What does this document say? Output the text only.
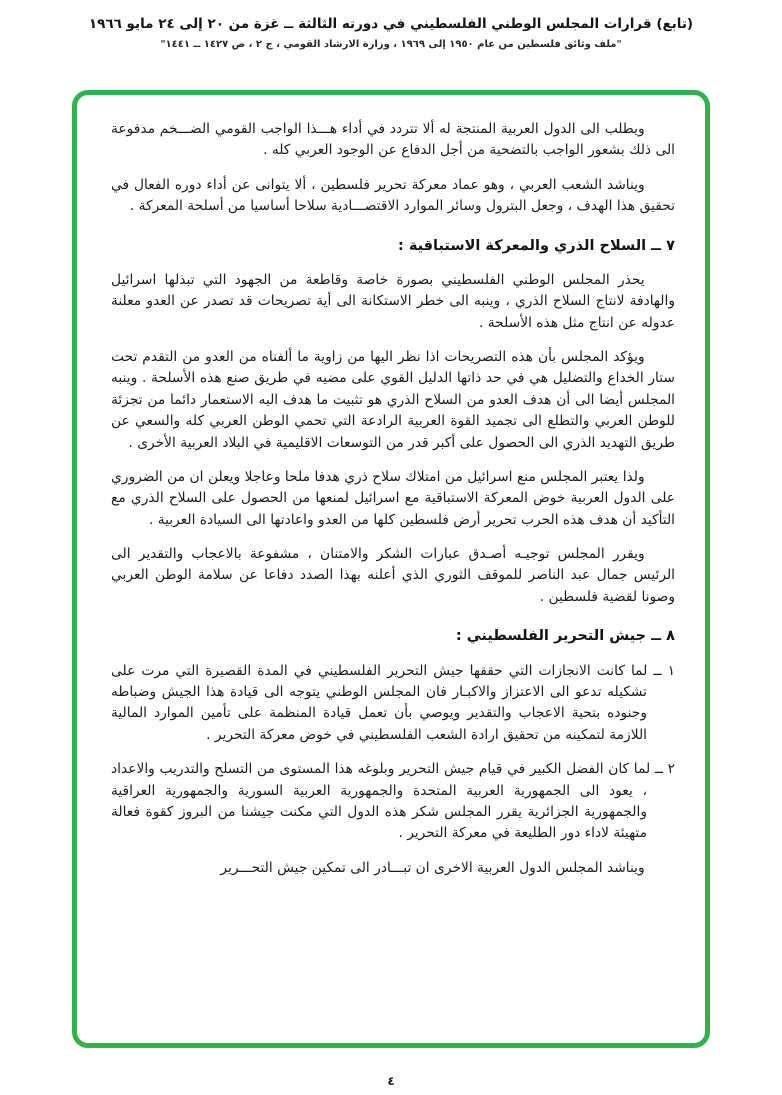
(تابع) قرارات المجلس الوطني الفلسطيني في دورته الثالثة ــ غزة من ٢٠ إلى ٢٤ مايو ١٩٦٦
"ملف وثائق فلسطين من عام ١٩٥٠ إلى ١٩٦٩ ، وزارة الارشاد القومي ، ج ٢ ، ص ١٤٢٧ ــ ١٤٤١"

ويطلب الى الدول العربية المنتجة له ألا تتردد في أداء هـــذا الواجب القومي الضـــخم مدفوعة الى ذلك بشعور الواجب بالتضحية من أجل الدفاع عن الوجود العربي كله .

ويناشد الشعب العربي ، وهو عماد معركة تحرير فلسطين ، ألا يتوانى عن أداء دوره الفعال في تحقيق هذا الهدف ، وجعل البترول وسائر الموارد الاقتصـــادية سلاحا أساسيا من أسلحة المعركة .

٧ ــ السلاح الذري والمعركة الاستباقية :

يحذر المجلس الوطني الفلسطيني بصورة خاصة وقاطعة من الجهود التي تبذلها اسرائيل والهادفة لانتاج السلاح الذري ، وينبه الى خطر الاستكانة الى أية تصريحات قد تصدر عن العدو معلنة عدوله عن انتاج مثل هذه الأسلحة .

ويؤكد المجلس بأن هذه التصريحات اذا نظر اليها من زاوية ما ألفناه من العدو من التقدم تحت ستار الخداع والتضليل هي في حد ذاتها الدليل القوي على مضيه في طريق صنع هذه الأسلحة . وينبه المجلس أيضا الى أن هدف العدو من السلاح الذري هو تثبيت ما هدف اليه الاستعمار دائما من تجزئة للوطن العربي والتطلع الى تجميد القوة العربية الرادعة التي تحمي الوطن العربي كله والسعي عن طريق التهديد الذري الى الحصول على أكبر قدر من التوسعات الاقليمية في البلاد العربية الأخرى .

ولذا يعتبر المجلس منع اسرائيل من امتلاك سلاح ذري هدفا ملحا وعاجلا ويعلن ان من الضروري على الدول العربية خوض المعركة الاستباقية مع اسرائيل لمنعها من الحصول على السلاح الذري مع التأكيد أن هدف هذه الحرب تحرير أرض فلسطين كلها من العدو واعادتها الى السيادة العربية .

ويقرر المجلس توجيـه أصـدق عبارات الشكر والامتنان ، مشفوعة بالاعجاب والتقدير الى الرئيس جمال عبد الناصر للموقف الثوري الذي أعلنه بهذا الصدد دفاعا عن سلامة الوطن العربي وصونا لقضية فلسطين .

٨ ــ جيش التحرير الفلسطيني :

١ ــ لما كانت الانجازات التي حققها جيش التحرير الفلسطيني في المدة القصيرة التي مرت على تشكيله تدعو الى الاعتزاز والاكبـار فان المجلس الوطني يتوجه الى قيادة هذا الجيش وضباطه وجنوده بتحية الاعجاب والتقدير ويوصي بأن تعمل قيادة المنظمة على تأمين الموارد المالية اللازمة لتمكينه من تحقيق ارادة الشعب الفلسطيني في خوض معركة التحرير .

٢ ــ لما كان الفضل الكبير في قيام جيش التحرير وبلوغه هذا المستوى من التسلح والتدريب والاعداد ، يعود الى الجمهورية العربية المتحدة والجمهورية العربية السورية والجمهورية العراقية والجمهورية الجزائرية يقرر المجلس شكر هذه الدول التي مكنت جيشنا من البروز كقوة فعالة متهيئة لاداء دور الطليعة في معركة التحرير .

ويناشد المجلس الدول العربية الاخرى ان تبـــادر الى تمكين جيش التحـــرير

٤
